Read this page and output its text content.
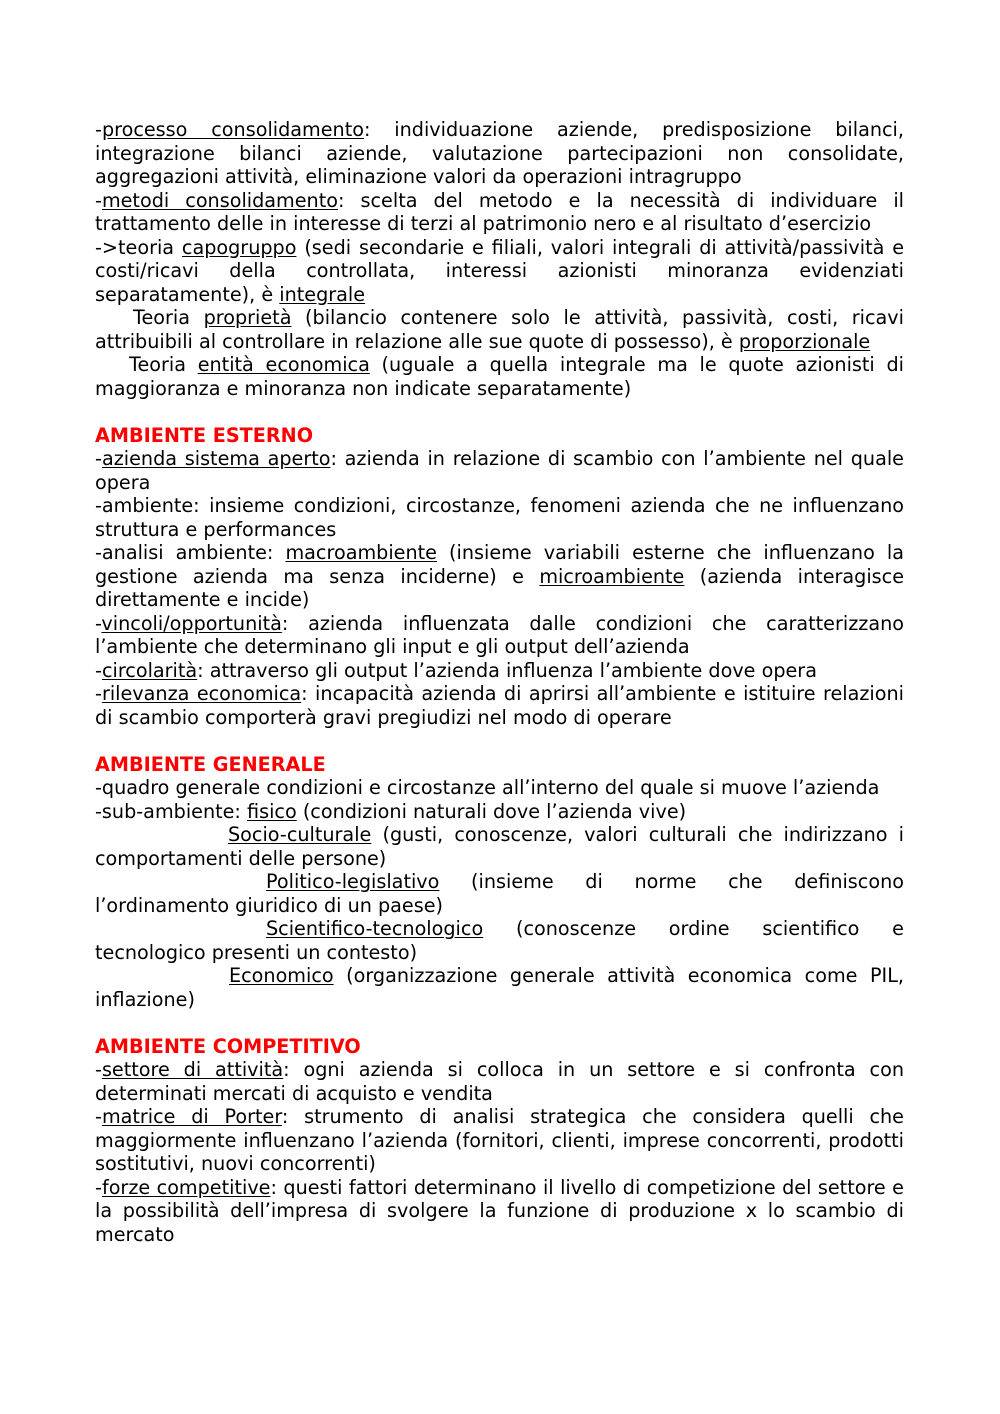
-processo consolidamento: individuazione aziende, predisposizione bilanci, integrazione bilanci aziende, valutazione partecipazioni non consolidate, aggregazioni attività, eliminazione valori da operazioni intragruppo

-metodi consolidamento: scelta del metodo e la necessità di individuare il trattamento delle in interesse di terzi al patrimonio nero e al risultato d’esercizio

->teoria capogruppo (sedi secondarie e filiali, valori integrali di attività/passività e costi/ricavi della controllata, interessi azionisti minoranza evidenziati separatamente), è integrale

Teoria proprietà (bilancio contenere solo le attività, passività, costi, ricavi attribuibili al controllare in relazione alle sue quote di possesso), è proporzionale

Teoria entità economica (uguale a quella integrale ma le quote azionisti di maggioranza e minoranza non indicate separatamente)

AMBIENTE ESTERNO

-azienda sistema aperto: azienda in relazione di scambio con l’ambiente nel quale opera

-ambiente: insieme condizioni, circostanze, fenomeni azienda che ne influenzano struttura e performances

-analisi ambiente: macroambiente (insieme variabili esterne che influenzano la gestione azienda ma senza inciderne) e microambiente (azienda interagisce direttamente e incide)

-vincoli/opportunità: azienda influenzata dalle condizioni che caratterizzano l’ambiente che determinano gli input e gli output dell’azienda

-circolarità: attraverso gli output l’azienda influenza l’ambiente dove opera

-rilevanza economica: incapacità azienda di aprirsi all’ambiente e istituire relazioni di scambio comporterà gravi pregiudizi nel modo di operare

AMBIENTE GENERALE

-quadro generale condizioni e circostanze all’interno del quale si muove l’azienda

-sub-ambiente: fisico (condizioni naturali dove l’azienda vive)

Socio-culturale (gusti, conoscenze, valori culturali che indirizzano i comportamenti delle persone)

Politico-legislativo (insieme di norme che definiscono l’ordinamento giuridico di un paese)

Scientifico-tecnologico (conoscenze ordine scientifico e tecnologico presenti un contesto)

Economico (organizzazione generale attività economica come PIL, inflazione)

AMBIENTE COMPETITIVO

-settore di attività: ogni azienda si colloca in un settore e si confronta con determinati mercati di acquisto e vendita

-matrice di Porter: strumento di analisi strategica che considera quelli che maggiormente influenzano l’azienda (fornitori, clienti, imprese concorrenti, prodotti sostitutivi, nuovi concorrenti)

-forze competitive: questi fattori determinano il livello di competizione del settore e la possibilità dell’impresa di svolgere la funzione di produzione x lo scambio di mercato
